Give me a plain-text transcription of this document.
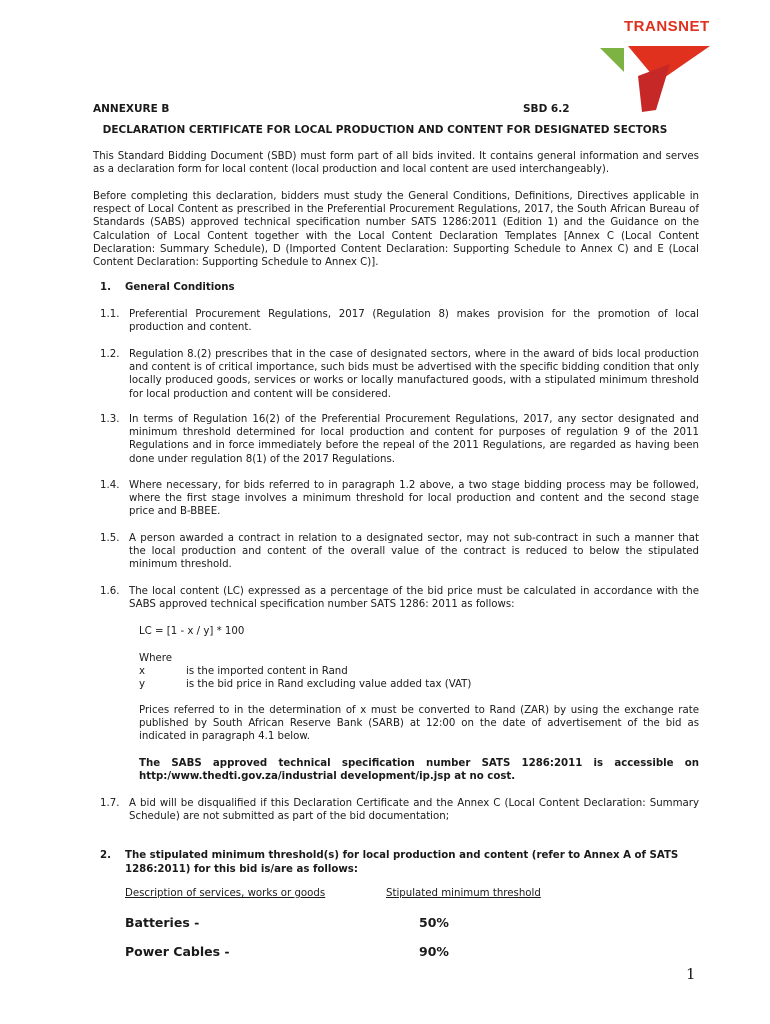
TRANSNET
ANNEXURE B	SBD 6.2
DECLARATION CERTIFICATE FOR LOCAL PRODUCTION AND CONTENT FOR DESIGNATED SECTORS

This Standard Bidding Document (SBD) must form part of all bids invited. It contains general information and serves as a declaration form for local content (local production and local content are used interchangeably).

Before completing this declaration, bidders must study the General Conditions, Definitions, Directives applicable in respect of Local Content as prescribed in the Preferential Procurement Regulations, 2017, the South African Bureau of Standards (SABS) approved technical specification number SATS 1286:2011 (Edition 1) and the Guidance on the Calculation of Local Content together with the Local Content Declaration Templates [Annex C (Local Content Declaration: Summary Schedule), D (Imported Content Declaration: Supporting Schedule to Annex C) and E (Local Content Declaration: Supporting Schedule to Annex C)].

1.	General Conditions
1.1. Preferential Procurement Regulations, 2017 (Regulation 8) makes provision for the promotion of local production and content.
1.2. Regulation 8.(2) prescribes that in the case of designated sectors, where in the award of bids local production and content is of critical importance, such bids must be advertised with the specific bidding condition that only locally produced goods, services or works or locally manufactured goods, with a stipulated minimum threshold for local production and content will be considered.
1.3. In terms of Regulation 16(2) of the Preferential Procurement Regulations, 2017, any sector designated and minimum threshold determined for local production and content for purposes of regulation 9 of the 2011 Regulations and in force immediately before the repeal of the 2011 Regulations, are regarded as having been done under regulation 8(1) of the 2017 Regulations.
1.4. Where necessary, for bids referred to in paragraph 1.2 above, a two stage bidding process may be followed, where the first stage involves a minimum threshold for local production and content and the second stage price and B-BBEE.
1.5. A person awarded a contract in relation to a designated sector, may not sub-contract in such a manner that the local production and content of the overall value of the contract is reduced to below the stipulated minimum threshold.
1.6. The local content (LC) expressed as a percentage of the bid price must be calculated in accordance with the SABS approved technical specification number SATS 1286: 2011 as follows:
LC = [1 - x / y] * 100
Where
x	is the imported content in Rand
y	is the bid price in Rand excluding value added tax (VAT)

Prices referred to in the determination of x must be converted to Rand (ZAR) by using the exchange rate published by South African Reserve Bank (SARB) at 12:00 on the date of advertisement of the bid as indicated in paragraph 4.1 below.

The SABS approved technical specification number SATS 1286:2011 is accessible on http:/www.thedti.gov.za/industrial development/ip.jsp at no cost.

1.7. A bid will be disqualified if this Declaration Certificate and the Annex C (Local Content Declaration: Summary Schedule) are not submitted as part of the bid documentation;
2.	The stipulated minimum threshold(s) for local production and content (refer to Annex A of SATS 1286:2011) for this bid is/are as follows:
Description of services, works or goods	Stipulated minimum threshold
Batteries -	50%
Power Cables -	90%
1
